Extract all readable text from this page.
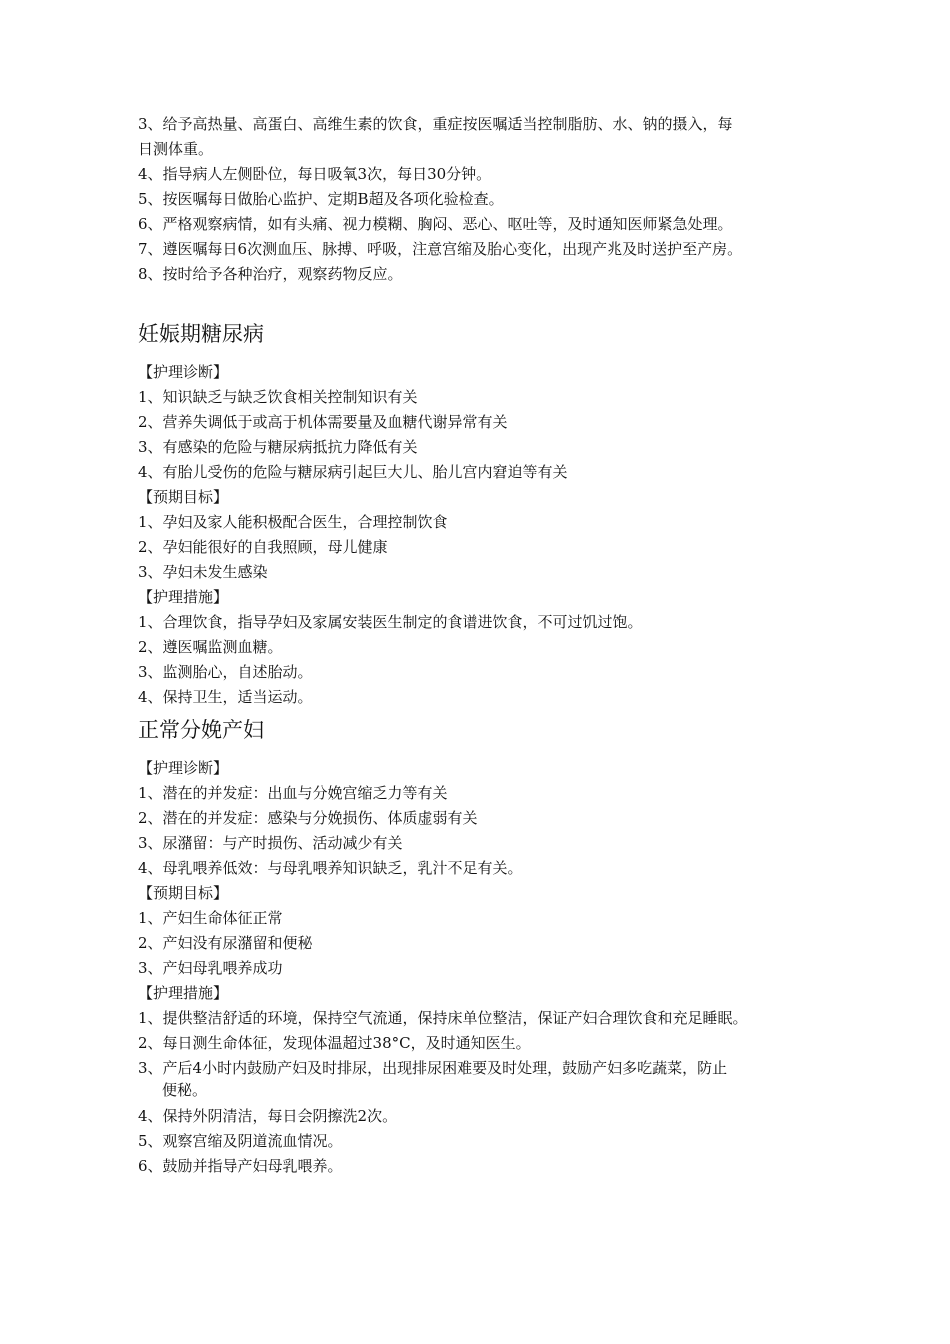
3、给予高热量、高蛋白、高维生素的饮食，重症按医嘱适当控制脂肪、水、钠的摄入，每
日测体重。
4、指导病人左侧卧位，每日吸氧3次，每日30分钟。
5、按医嘱每日做胎心监护、定期B超及各项化验检查。
6、严格观察病情，如有头痛、视力模糊、胸闷、恶心、呕吐等，及时通知医师紧急处理。
7、遵医嘱每日6次测血压、脉搏、呼吸，注意宫缩及胎心变化，出现产兆及时送护至产房。
8、按时给予各种治疗，观察药物反应。
妊娠期糖尿病
【护理诊断】
1、知识缺乏与缺乏饮食相关控制知识有关
2、营养失调低于或高于机体需要量及血糖代谢异常有关
3、有感染的危险与糖尿病抵抗力降低有关
4、有胎儿受伤的危险与糖尿病引起巨大儿、胎儿宫内窘迫等有关
【预期目标】
1、孕妇及家人能积极配合医生，合理控制饮食
2、孕妇能很好的自我照顾，母儿健康
3、孕妇未发生感染
【护理措施】
1、合理饮食，指导孕妇及家属安装医生制定的食谱进饮食，不可过饥过饱。
2、遵医嘱监测血糖。
3、监测胎心，自述胎动。
4、保持卫生，适当运动。
正常分娩产妇
【护理诊断】
1、潜在的并发症：出血与分娩宫缩乏力等有关
2、潜在的并发症：感染与分娩损伤、体质虚弱有关
3、尿潴留：与产时损伤、活动减少有关
4、母乳喂养低效：与母乳喂养知识缺乏，乳汁不足有关。
【预期目标】
1、产妇生命体征正常
2、产妇没有尿潴留和便秘
3、产妇母乳喂养成功
【护理措施】
1、提供整洁舒适的环境，保持空气流通，保持床单位整洁，保证产妇合理饮食和充足睡眠。
2、每日测生命体征，发现体温超过38°C，及时通知医生。
3、产后4小时内鼓励产妇及时排尿，出现排尿困难要及时处理，鼓励产妇多吃蔬菜，防止
便秘。
4、保持外阴清洁，每日会阴擦洗2次。
5、观察宫缩及阴道流血情况。
6、鼓励并指导产妇母乳喂养。
